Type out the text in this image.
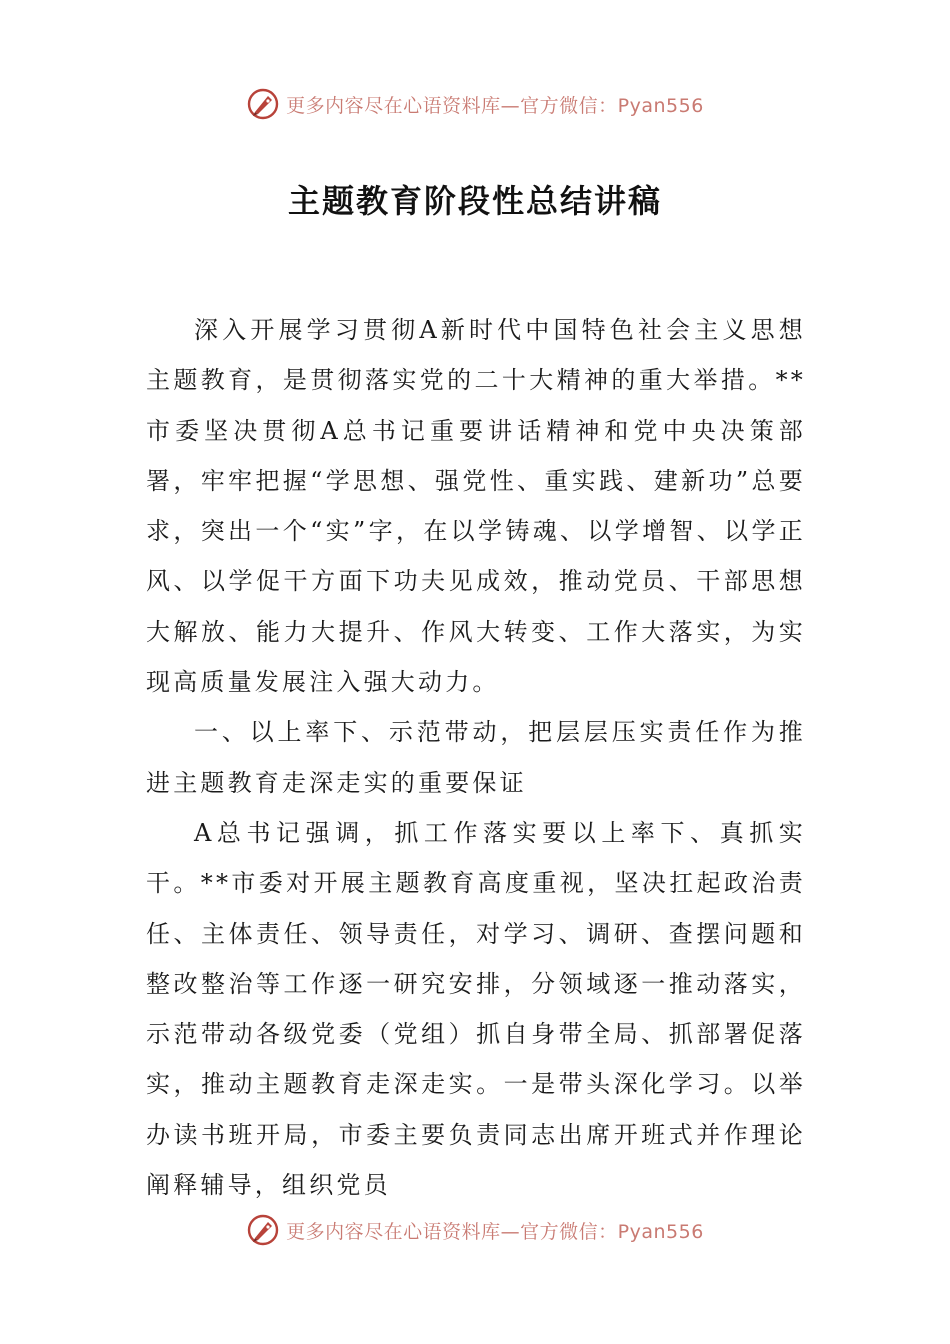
更多内容尽在心语资料库—官方微信：Pyan556
主题教育阶段性总结讲稿

深入开展学习贯彻A新时代中国特色社会主义思想主题教育，是贯彻落实党的二十大精神的重大举措。**市委坚决贯彻A总书记重要讲话精神和党中央决策部署，牢牢把握“学思想、强党性、重实践、建新功”总要求，突出一个“实”字，在以学铸魂、以学增智、以学正风、以学促干方面下功夫见成效，推动党员、干部思想大解放、能力大提升、作风大转变、工作大落实，为实现高质量发展注入强大动力。

一、以上率下、示范带动，把层层压实责任作为推进主题教育走深走实的重要保证

A总书记强调，抓工作落实要以上率下、真抓实干。**市委对开展主题教育高度重视，坚决扛起政治责任、主体责任、领导责任，对学习、调研、查摆问题和整改整治等工作逐一研究安排，分领域逐一推动落实，示范带动各级党委（党组）抓自身带全局、抓部署促落实，推动主题教育走深走实。一是带头深化学习。以举办读书班开局，市委主要负责同志出席开班式并作理论阐释辅导，组织党员

更多内容尽在心语资料库—官方微信：Pyan556
